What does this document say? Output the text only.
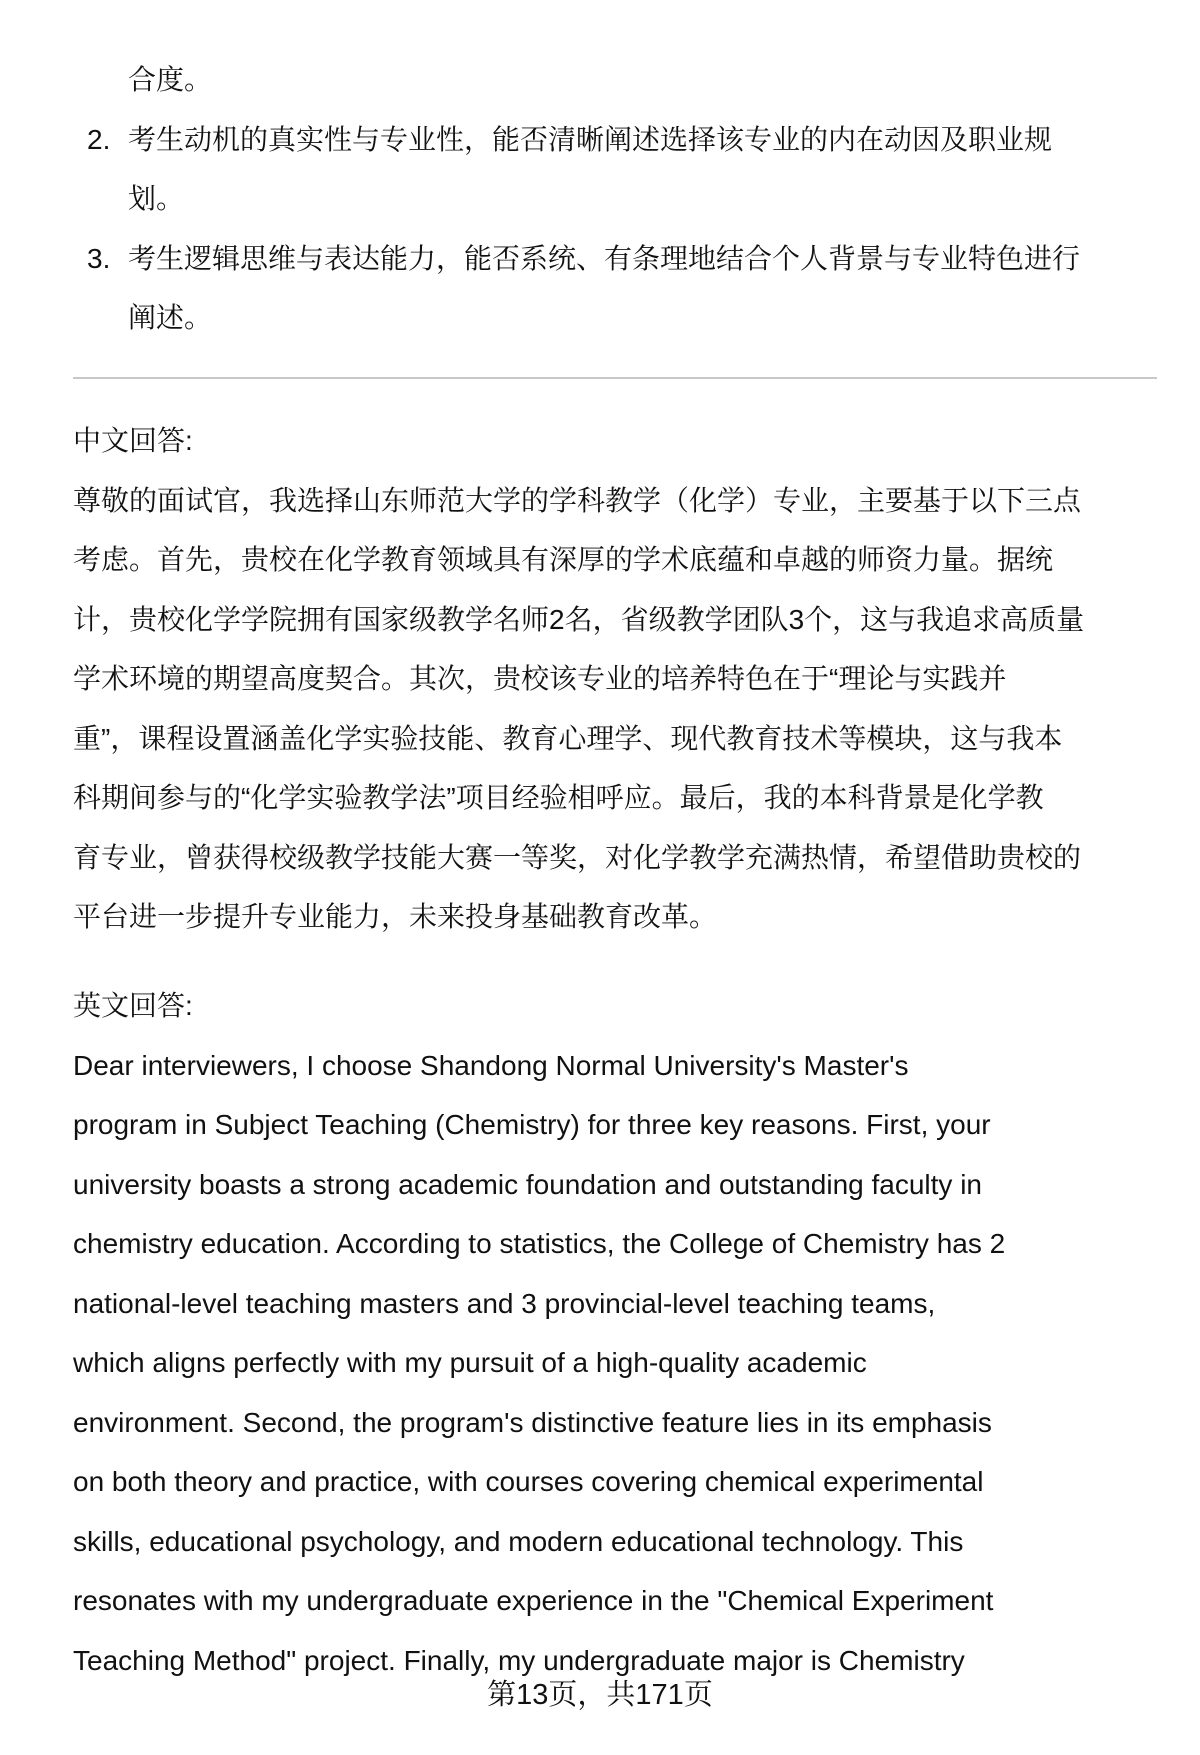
合度。
2. 考生动机的真实性与专业性，能否清晰阐述选择该专业的内在动因及职业规
划。
3. 考生逻辑思维与表达能力，能否系统、有条理地结合个人背景与专业特色进行
阐述。
中文回答:
尊敬的面试官，我选择山东师范大学的学科教学（化学）专业，主要基于以下三点
考虑。首先，贵校在化学教育领域具有深厚的学术底蕴和卓越的师资力量。据统
计，贵校化学学院拥有国家级教学名师2名，省级教学团队3个，这与我追求高质量
学术环境的期望高度契合。其次，贵校该专业的培养特色在于“理论与实践并
重”，课程设置涵盖化学实验技能、教育心理学、现代教育技术等模块，这与我本
科期间参与的“化学实验教学法”项目经验相呼应。最后，我的本科背景是化学教
育专业，曾获得校级教学技能大赛一等奖，对化学教学充满热情，希望借助贵校的
平台进一步提升专业能力，未来投身基础教育改革。
英文回答:
Dear interviewers, I choose Shandong Normal University's Master's
program in Subject Teaching (Chemistry) for three key reasons. First, your
university boasts a strong academic foundation and outstanding faculty in
chemistry education. According to statistics, the College of Chemistry has 2
national-level teaching masters and 3 provincial-level teaching teams,
which aligns perfectly with my pursuit of a high-quality academic
environment. Second, the program's distinctive feature lies in its emphasis
on both theory and practice, with courses covering chemical experimental
skills, educational psychology, and modern educational technology. This
resonates with my undergraduate experience in the "Chemical Experiment
Teaching Method" project. Finally, my undergraduate major is Chemistry
第13页，共171页
